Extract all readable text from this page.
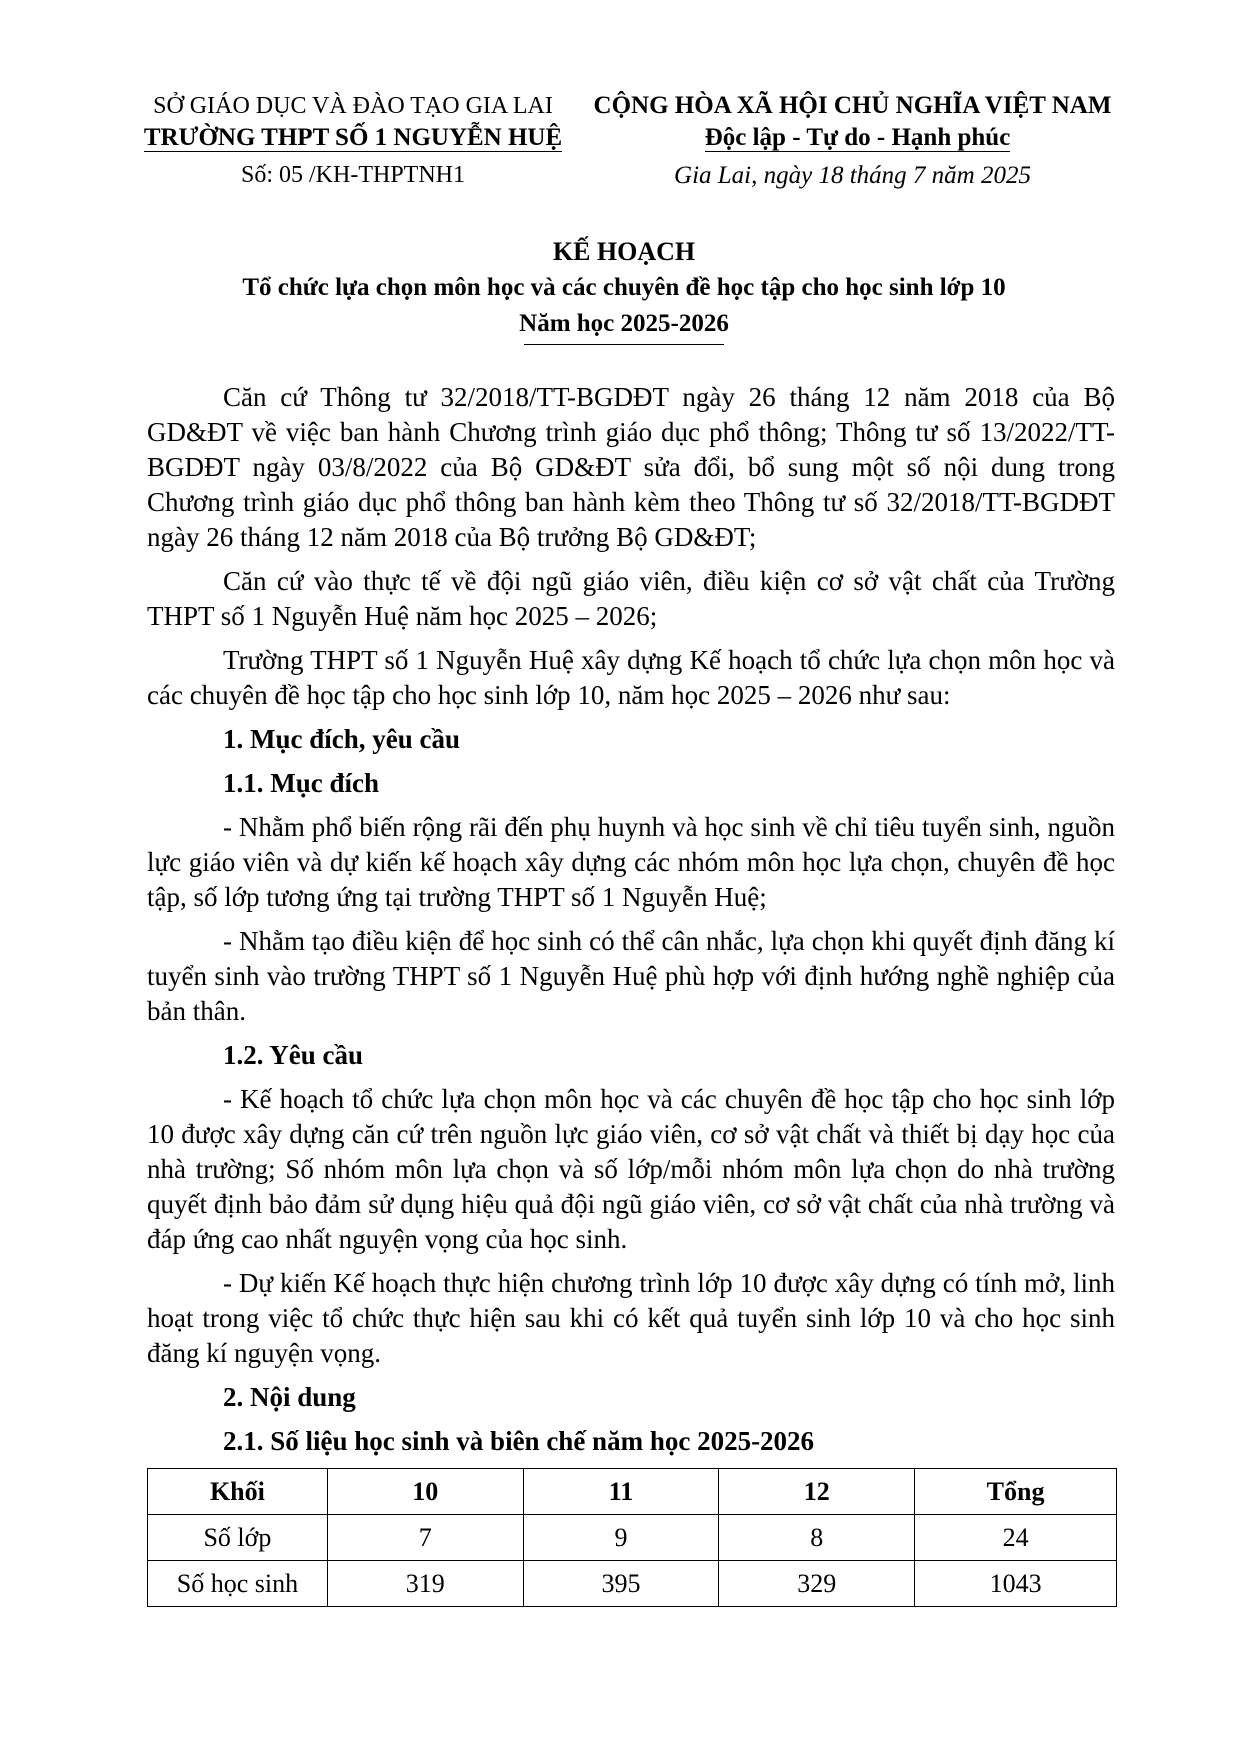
SỞ GIÁO DỤC VÀ ĐÀO TẠO GIA LAI
TRƯỜNG THPT SỐ 1 NGUYỄN HUỆ
CỘNG HÒA XÃ HỘI CHỦ NGHĨA VIỆT NAM
Độc lập - Tự do - Hạnh phúc
Số: 05 /KH-THPTNH1	Gia Lai, ngày 18 tháng 7 năm 2025
KẾ HOẠCH
Tổ chức lựa chọn môn học và các chuyên đề học tập cho học sinh lớp 10
Năm học 2025-2026

Căn cứ Thông tư 32/2018/TT-BGDĐT ngày 26 tháng 12 năm 2018 của Bộ GD&ĐT về việc ban hành Chương trình giáo dục phổ thông; Thông tư số 13/2022/TT-BGDĐT ngày 03/8/2022 của Bộ GD&ĐT sửa đổi, bổ sung một số nội dung trong Chương trình giáo dục phổ thông ban hành kèm theo Thông tư số 32/2018/TT-BGDĐT ngày 26 tháng 12 năm 2018 của Bộ trưởng Bộ GD&ĐT;

Căn cứ vào thực tế về đội ngũ giáo viên, điều kiện cơ sở vật chất của Trường THPT số 1 Nguyễn Huệ năm học 2025 – 2026;

Trường THPT số 1 Nguyễn Huệ xây dựng Kế hoạch tổ chức lựa chọn môn học và các chuyên đề học tập cho học sinh lớp 10, năm học 2025 – 2026 như sau:

1. Mục đích, yêu cầu
1.1. Mục đích

- Nhằm phổ biến rộng rãi đến phụ huynh và học sinh về chỉ tiêu tuyển sinh, nguồn lực giáo viên và dự kiến kế hoạch xây dựng các nhóm môn học lựa chọn, chuyên đề học tập, số lớp tương ứng tại trường THPT số 1 Nguyễn Huệ;

- Nhằm tạo điều kiện để học sinh có thể cân nhắc, lựa chọn khi quyết định đăng kí tuyển sinh vào trường THPT số 1 Nguyễn Huệ phù hợp với định hướng nghề nghiệp của bản thân.

1.2. Yêu cầu

- Kế hoạch tổ chức lựa chọn môn học và các chuyên đề học tập cho học sinh lớp 10 được xây dựng căn cứ trên nguồn lực giáo viên, cơ sở vật chất và thiết bị dạy học của nhà trường; Số nhóm môn lựa chọn và số lớp/mỗi nhóm môn lựa chọn do nhà trường quyết định bảo đảm sử dụng hiệu quả đội ngũ giáo viên, cơ sở vật chất của nhà trường và đáp ứng cao nhất nguyện vọng của học sinh.

- Dự kiến Kế hoạch thực hiện chương trình lớp 10 được xây dựng có tính mở, linh hoạt trong việc tổ chức thực hiện sau khi có kết quả tuyển sinh lớp 10 và cho học sinh đăng kí nguyện vọng.

2. Nội dung
2.1. Số liệu học sinh và biên chế năm học 2025-2026
Khối	10	11	12	Tổng
Số lớp	7	9	8	24
Số học sinh	319	395	329	1043
